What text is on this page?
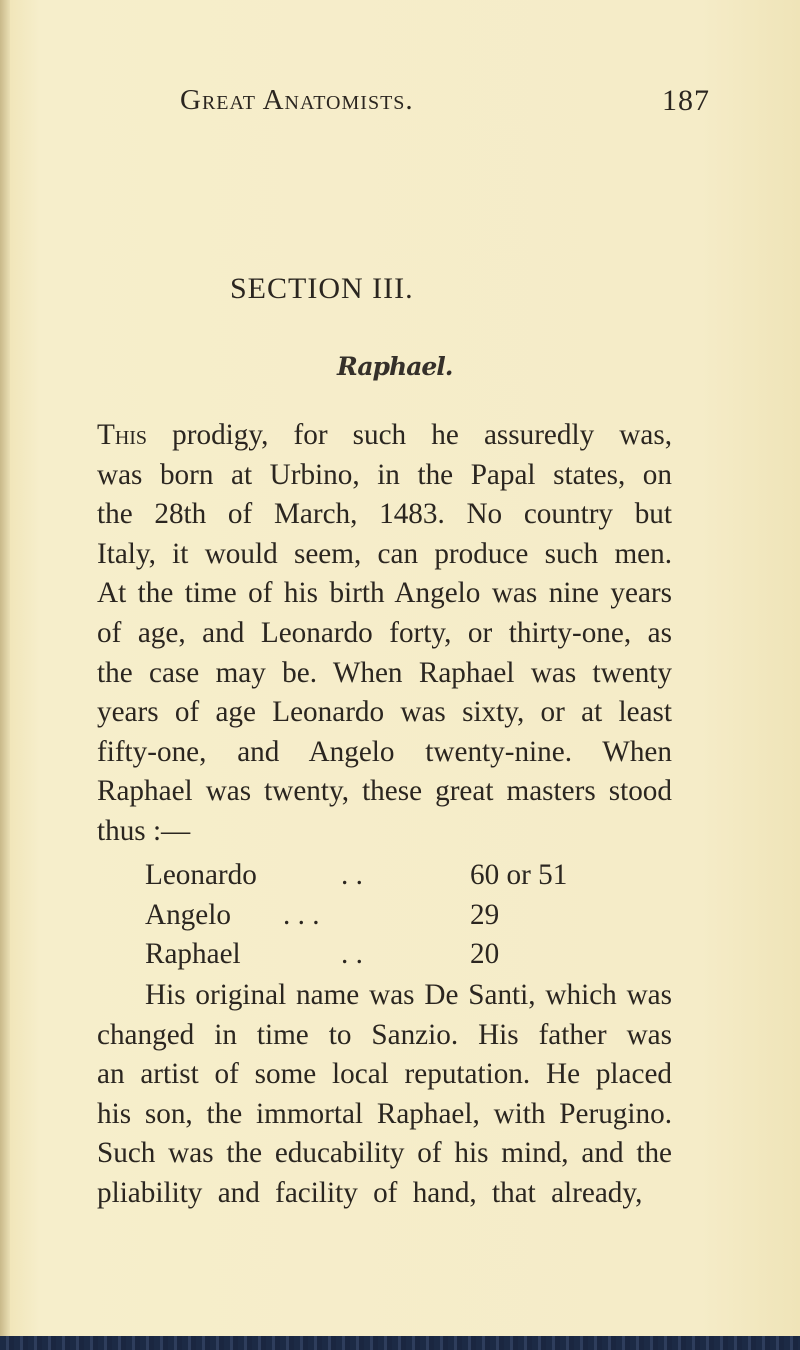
Great Anatomists.	187
SECTION III.
Raphael.
This prodigy, for such he assuredly was,
was born at Urbino, in the Papal states, on
the 28th of March, 1483. No country but
Italy, it would seem, can produce such men.
At the time of his birth Angelo was nine years
of age, and Leonardo forty, or thirty-one, as
the case may be. When Raphael was twenty
years of age Leonardo was sixty, or at least
fifty-one, and Angelo twenty-nine. When
Raphael was twenty, these great masters stood
thus :—
Leonardo	. .	60 or 51
Angelo . . .	29
Raphael	. .	20
His original name was De Santi, which was
changed in time to Sanzio. His father was
an artist of some local reputation. He placed
his son, the immortal Raphael, with Perugino.
Such was the educability of his mind, and the
pliability and facility of hand, that already,
